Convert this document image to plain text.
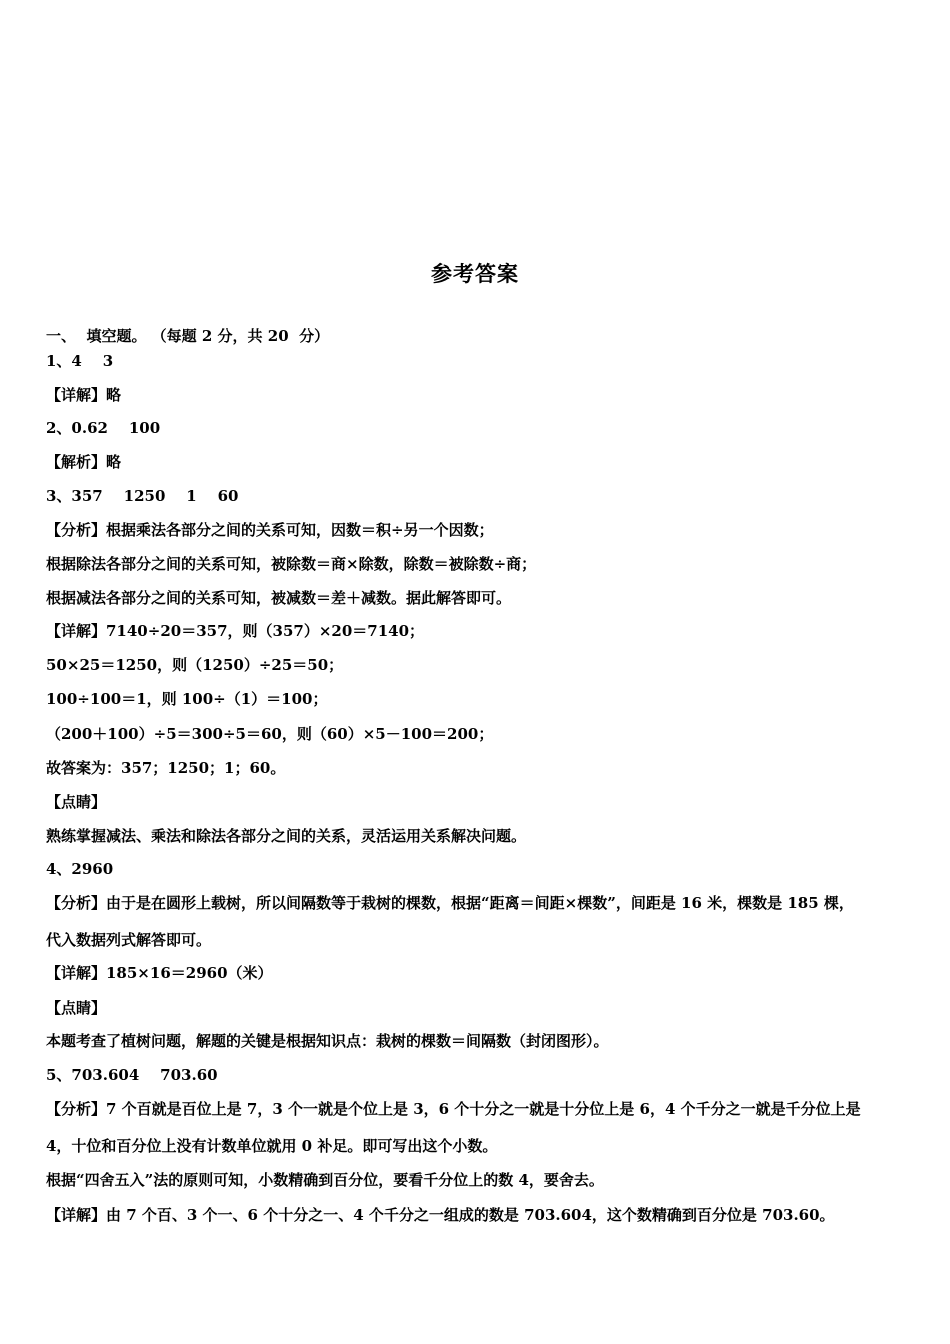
参考答案
一、  填空题。 （每题 2 分，共 20  分）
1、4    3
【详解】略
2、0.62    100
【解析】略
3、357    1250    1    60
【分析】根据乘法各部分之间的关系可知，因数＝积÷另一个因数；
根据除法各部分之间的关系可知，被除数＝商×除数，除数＝被除数÷商；
根据减法各部分之间的关系可知，被减数＝差＋减数。据此解答即可。
【详解】7140÷20＝357，则（357）×20＝7140；
50×25＝1250，则（1250）÷25＝50；
100÷100＝1，则 100÷（1）＝100；
（200＋100）÷5＝300÷5＝60，则（60）×5－100＝200；
故答案为：357；1250；1；60。
【点睛】
熟练掌握减法、乘法和除法各部分之间的关系，灵活运用关系解决问题。
4、2960
【分析】由于是在圆形上载树，所以间隔数等于栽树的棵数，根据“距离＝间距×棵数”，间距是 16 米，棵数是 185 棵，
代入数据列式解答即可。
【详解】185×16＝2960（米）
【点睛】
本题考查了植树问题，解题的关键是根据知识点：栽树的棵数＝间隔数（封闭图形）。
5、703.604    703.60
【分析】7 个百就是百位上是 7，3 个一就是个位上是 3，6 个十分之一就是十分位上是 6，4 个千分之一就是千分位上是
4，十位和百分位上没有计数单位就用 0 补足。即可写出这个小数。
根据“四舍五入”法的原则可知，小数精确到百分位，要看千分位上的数 4，要舍去。
【详解】由 7 个百、3 个一、6 个十分之一、4 个千分之一组成的数是 703.604，这个数精确到百分位是 703.60。
